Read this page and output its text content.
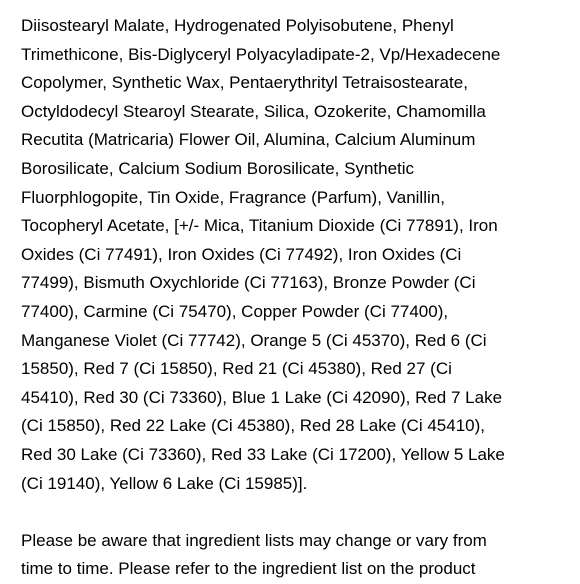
Diisostearyl Malate, Hydrogenated Polyisobutene, Phenyl
Trimethicone, Bis-Diglyceryl Polyacyladipate-2, Vp/Hexadecene
Copolymer, Synthetic Wax, Pentaerythrityl Tetraisostearate,
Octyldodecyl Stearoyl Stearate, Silica, Ozokerite, Chamomilla
Recutita (Matricaria) Flower Oil, Alumina, Calcium Aluminum
Borosilicate, Calcium Sodium Borosilicate, Synthetic
Fluorphlogopite, Tin Oxide, Fragrance (Parfum), Vanillin,
Tocopheryl Acetate, [+/- Mica, Titanium Dioxide (Ci 77891), Iron
Oxides (Ci 77491), Iron Oxides (Ci 77492), Iron Oxides (Ci
77499), Bismuth Oxychloride (Ci 77163), Bronze Powder (Ci
77400), Carmine (Ci 75470), Copper Powder (Ci 77400),
Manganese Violet (Ci 77742), Orange 5 (Ci 45370), Red 6 (Ci
15850), Red 7 (Ci 15850), Red 21 (Ci 45380), Red 27 (Ci
45410), Red 30 (Ci 73360), Blue 1 Lake (Ci 42090), Red 7 Lake
(Ci 15850), Red 22 Lake (Ci 45380), Red 28 Lake (Ci 45410),
Red 30 Lake (Ci 73360), Red 33 Lake (Ci 17200), Yellow 5 Lake
(Ci 19140), Yellow 6 Lake (Ci 15985)].
Please be aware that ingredient lists may change or vary from
time to time. Please refer to the ingredient list on the product
